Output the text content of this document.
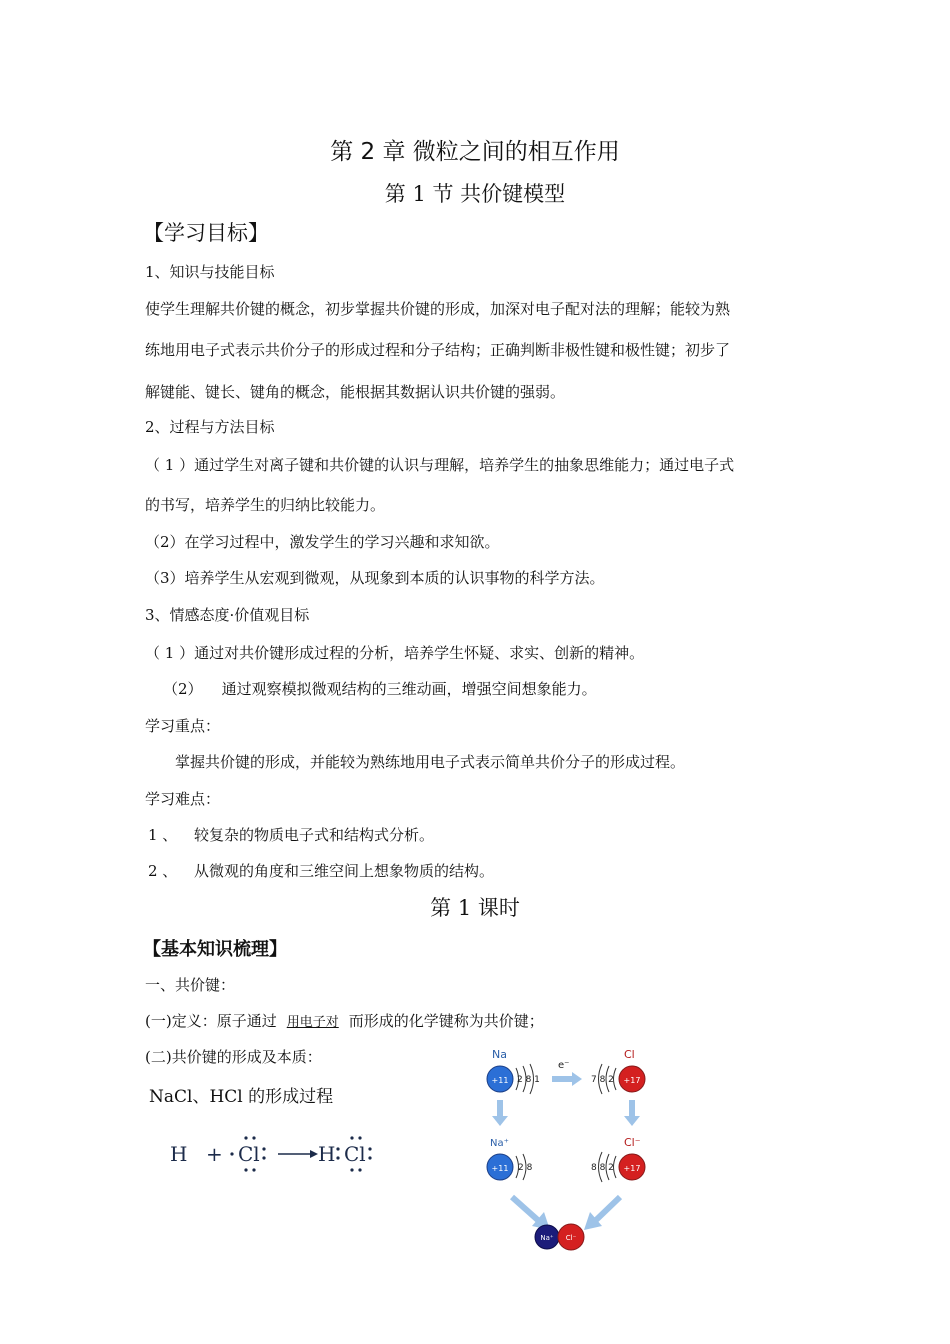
第 2 章 微粒之间的相互作用
第 1 节 共价键模型
【学习目标】
1、知识与技能目标
使学生理解共价键的概念，初步掌握共价键的形成，加深对电子配对法的理解；能较为熟
练地用电子式表示共价分子的形成过程和分子结构；正确判断非极性键和极性键；初步了
解键能、键长、键角的概念，能根据其数据认识共价键的强弱。
2、过程与方法目标
（ 1 ）通过学生对离子键和共价键的认识与理解，培养学生的抽象思维能力；通过电子式
的书写，培养学生的归纳比较能力。
（2）在学习过程中，激发学生的学习兴趣和求知欲。
（3）培养学生从宏观到微观，从现象到本质的认识事物的科学方法。
3、情感态度·价值观目标
（ 1 ）通过对共价键形成过程的分析，培养学生怀疑、求实、创新的精神。
（2）    通过观察模拟微观结构的三维动画，增强空间想象能力。
学习重点：
掌握共价键的形成，并能较为熟练地用电子式表示简单共价分子的形成过程。
学习难点：
1 、 较复杂的物质电子式和结构式分析。
2 、 从微观的角度和三维空间上想象物质的结构。
第 1 课时
【基本知识梳理】
一、共价键：
(一)定义：原子通过 用电子对 而形成的化学键称为共价键；
(二)共价键的形成及本质：
NaCl、HCl 的形成过程
H + Cl	H Cl
Na
+11 2 8 1
e⁻
Cl
+17
7 8 2
Na⁺
+11 2 8
Cl⁻
+17
8 8 2
Na⁺ Cl⁻
